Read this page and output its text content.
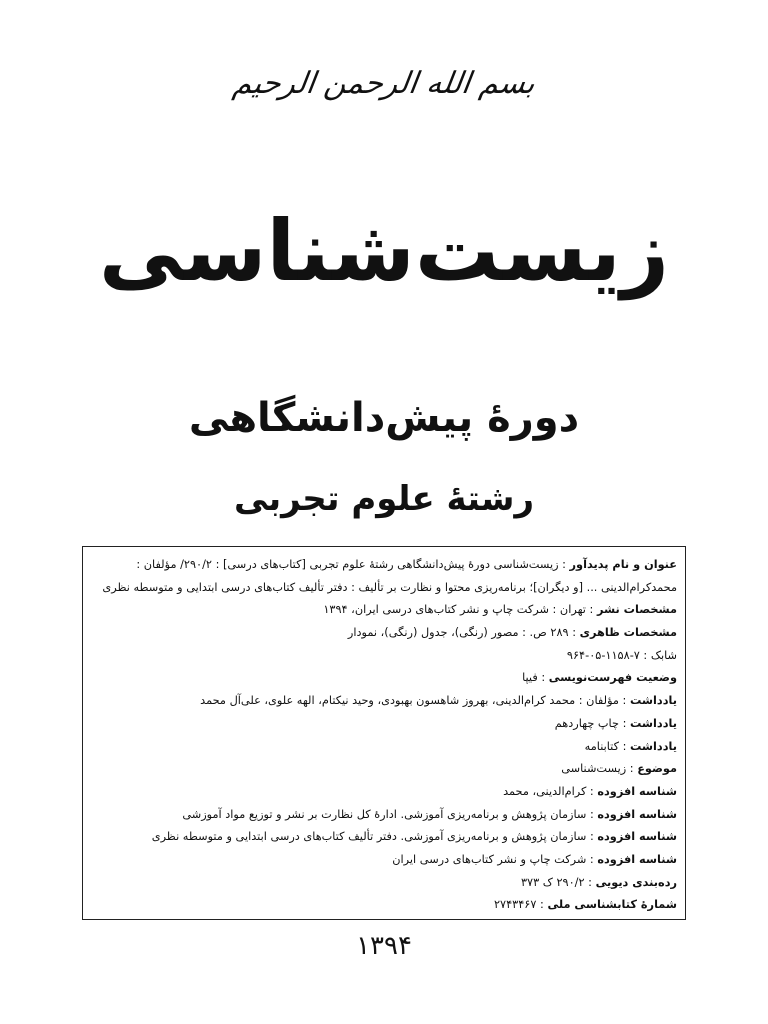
بسم الله الرحمن الرحيم
زیست‌شناسی
دورهٔ پیش‌دانشگاهی
رشتهٔ علوم تجربی
عنوان و نام پدیدآور : زیست‌شناسی دورهٔ پیش‌دانشگاهی رشتهٔ علوم تجربی [کتاب‌های درسی] : ۲۹۰/۲/ مؤلفان :
محمدکرام‌الدینی ... [و دیگران]؛ برنامه‌ریزی محتوا و نظارت بر تألیف : دفتر تألیف کتاب‌های درسی ابتدایی و متوسطه نظری
مشخصات نشر : تهران : شرکت چاپ و نشر کتاب‌های درسی ایران، ۱۳۹۴
مشخصات ظاهری : ۲۸۹ ص. : مصور (رنگی)، جدول (رنگی)، نمودار
شابک : ۷-۱۱۵۸-۰۵-۹۶۴
وضعیت فهرست‌نویسی : فیپا
یادداشت : مؤلفان : محمد کرام‌الدینی، بهروز شاهسون بهبودی، وحید نیکتام، الهه علوی، علی‌آل محمد
یادداشت : چاپ چهاردهم
یادداشت : کتابنامه
موضوع : زیست‌شناسی
شناسه افزوده : کرام‌الدینی، محمد
شناسه افزوده : سازمان پژوهش و برنامه‌ریزی آموزشی. ادارهٔ کل نظارت بر نشر و توزیع مواد آموزشی
شناسه افزوده : سازمان پژوهش و برنامه‌ریزی آموزشی. دفتر تألیف کتاب‌های درسی ابتدایی و متوسطه نظری
شناسه افزوده : شرکت چاپ و نشر کتاب‌های درسی ایران
رده‌بندی دیویی : ۲۹۰/۲ ک ۳۷۳
شمارهٔ کتابشناسی ملی : ۲۷۴۳۴۶۷
۱۳۹۴
